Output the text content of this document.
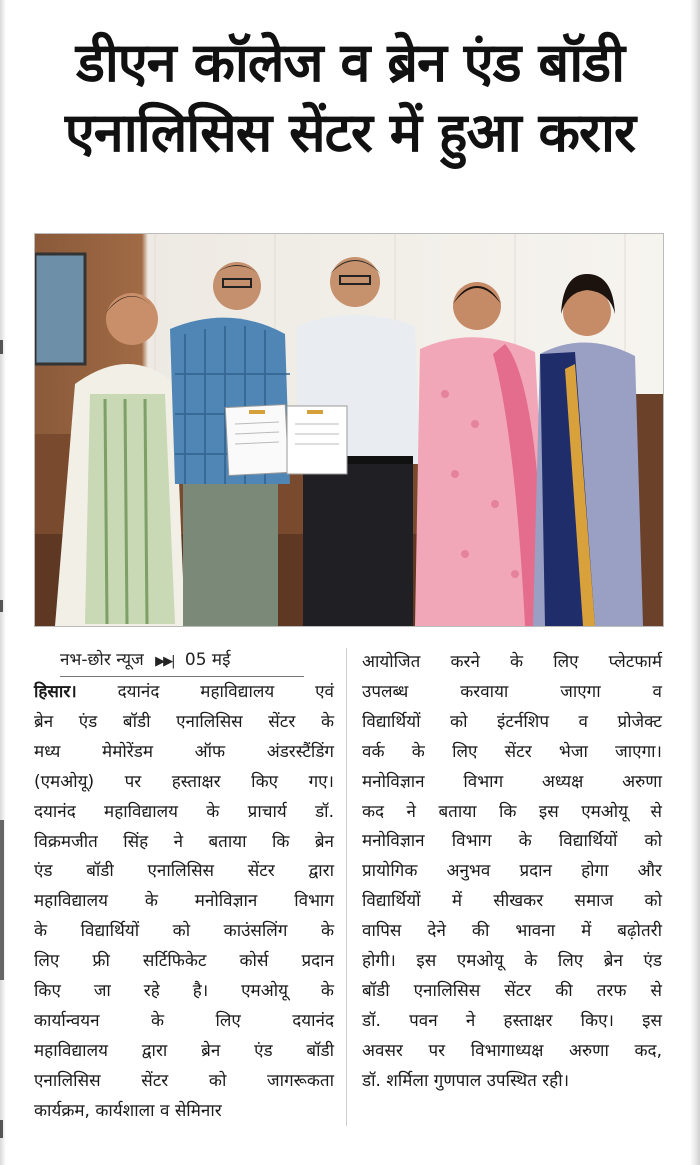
डीएन कॉलेज व ब्रेन एंड बॉडी
एनालिसिस सेंटर में हुआ करार
नभ-छोर न्यूज ▶▶| 05 मई
हिसार। दयानंद महाविद्यालय एवं
ब्रेन एंड बॉडी एनालिसिस सेंटर के
मध्य मेमोरेंडम ऑफ अंडरस्टैंडिंग
(एमओयू) पर हस्ताक्षर किए गए।
दयानंद महाविद्यालय के प्राचार्य डॉ.
विक्रमजीत सिंह ने बताया कि ब्रेन
एंड बॉडी एनालिसिस सेंटर द्वारा
महाविद्यालय के मनोविज्ञान विभाग
के विद्यार्थियों को काउंसलिंग के
लिए फ्री सर्टिफिकेट कोर्स प्रदान
किए जा रहे है। एमओयू के
कार्यान्वयन के लिए दयानंद
महाविद्यालय द्वारा ब्रेन एंड बॉडी
एनालिसिस सेंटर को जागरूकता
कार्यक्रम, कार्यशाला व सेमिनार
आयोजित करने के लिए प्लेटफार्म
उपलब्ध करवाया जाएगा व
विद्यार्थियों को इंटर्नशिप व प्रोजेक्ट
वर्क के लिए सेंटर भेजा जाएगा।
मनोविज्ञान विभाग अध्यक्ष अरुणा
कद ने बताया कि इस एमओयू से
मनोविज्ञान विभाग के विद्यार्थियों को
प्रायोगिक अनुभव प्रदान होगा और
विद्यार्थियों में सीखकर समाज को
वापिस देने की भावना में बढ़ोतरी
होगी। इस एमओयू के लिए ब्रेन एंड
बॉडी एनालिसिस सेंटर की तरफ से
डॉ. पवन ने हस्ताक्षर किए। इस
अवसर पर विभागाध्यक्ष अरुणा कद,
डॉ. शर्मिला गुणपाल उपस्थित रही।
